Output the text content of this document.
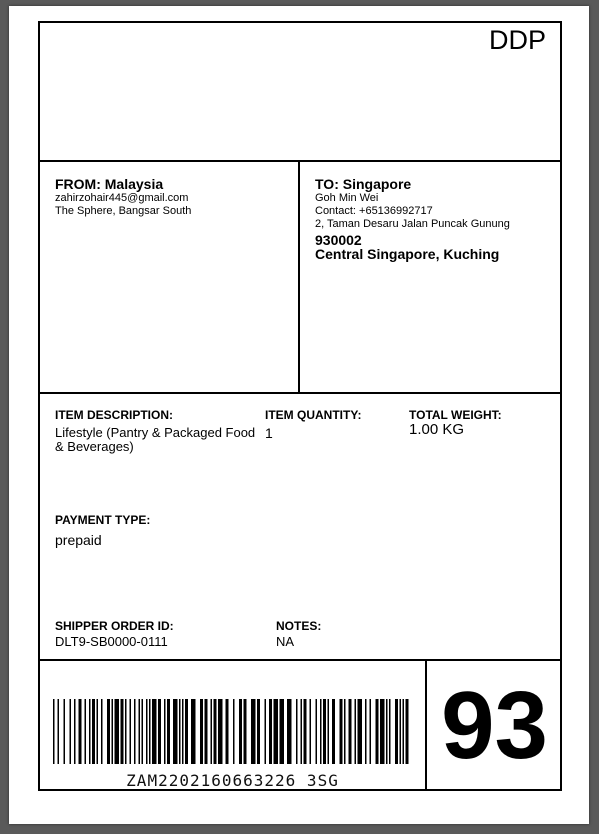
DDP
FROM: Malaysia
zahirzohair445@gmail.com
The Sphere, Bangsar South
TO: Singapore
Goh Min Wei
Contact: +65136992717
2, Taman Desaru Jalan Puncak Gunung
930002
Central Singapore, Kuching
ITEM DESCRIPTION:
Lifestyle (Pantry & Packaged Food
& Beverages)
ITEM QUANTITY:
1
TOTAL WEIGHT:
1.00 KG
PAYMENT TYPE:
prepaid
SHIPPER ORDER ID:
DLT9-SB0000-0111
NOTES:
NA
ZAM2202160663226 3SG
93
